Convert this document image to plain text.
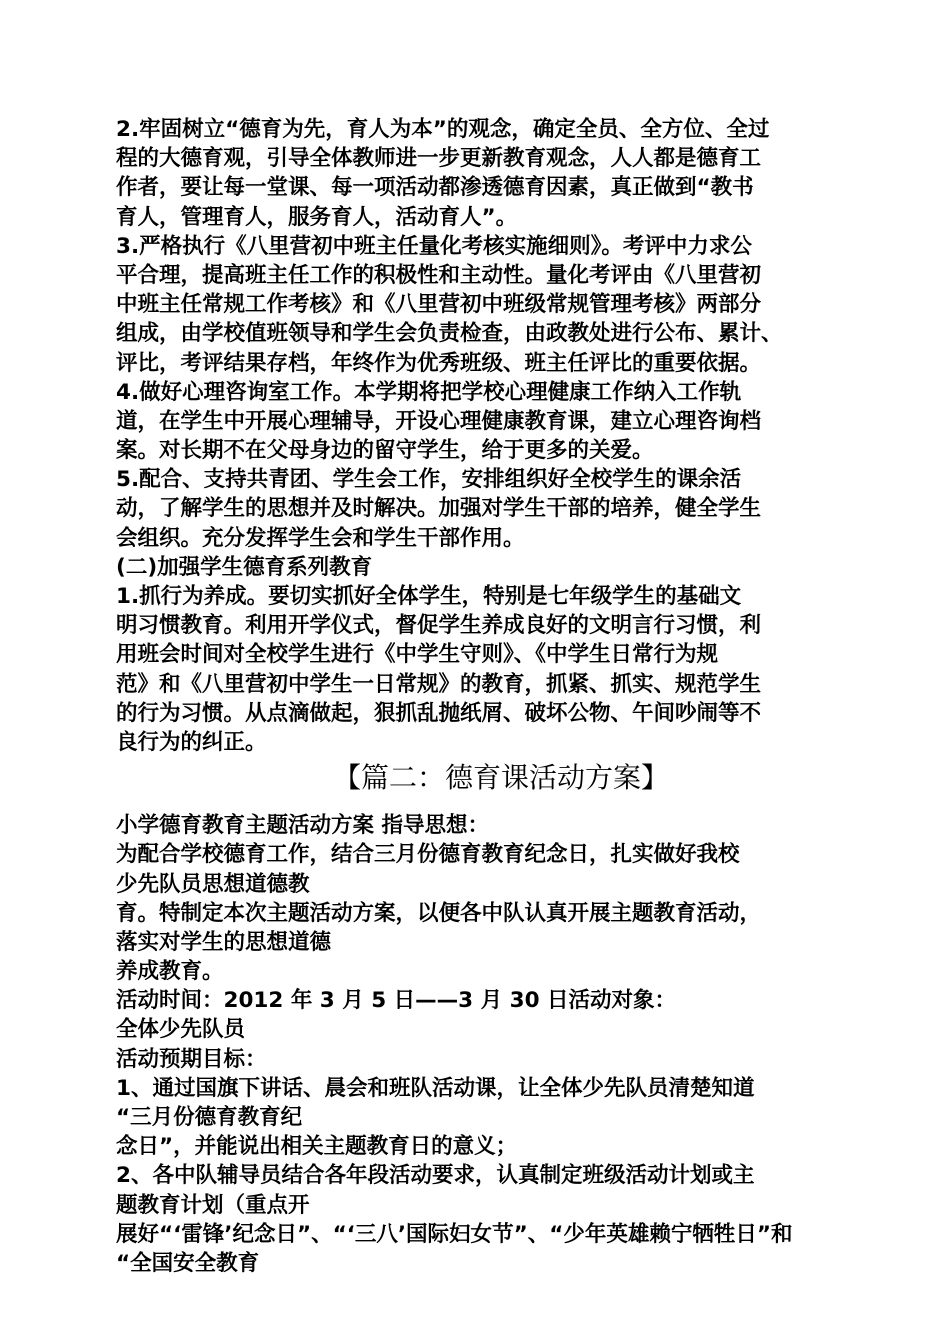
2.牢固树立“德育为先，育人为本”的观念，确定全员、全方位、全过
程的大德育观，引导全体教师进一步更新教育观念，人人都是德育工
作者，要让每一堂课、每一项活动都渗透德育因素，真正做到“教书
育人，管理育人，服务育人，活动育人”。
3.严格执行《八里营初中班主任量化考核实施细则》。考评中力求公
平合理，提高班主任工作的积极性和主动性。量化考评由《八里营初
中班主任常规工作考核》和《八里营初中班级常规管理考核》两部分
组成，由学校值班领导和学生会负责检查，由政教处进行公布、累计、
评比，考评结果存档，年终作为优秀班级、班主任评比的重要依据。
4.做好心理咨询室工作。本学期将把学校心理健康工作纳入工作轨
道，在学生中开展心理辅导，开设心理健康教育课，建立心理咨询档
案。对长期不在父母身边的留守学生，给于更多的关爱。
5.配合、支持共青团、学生会工作，安排组织好全校学生的课余活
动，了解学生的思想并及时解决。加强对学生干部的培养，健全学生
会组织。充分发挥学生会和学生干部作用。
(二)加强学生德育系列教育
1.抓行为养成。要切实抓好全体学生，特别是七年级学生的基础文
明习惯教育。利用开学仪式，督促学生养成良好的文明言行习惯，利
用班会时间对全校学生进行《中学生守则》、《中学生日常行为规
范》和《八里营初中学生一日常规》的教育，抓紧、抓实、规范学生
的行为习惯。从点滴做起，狠抓乱抛纸屑、破坏公物、午间吵闹等不
良行为的纠正。
【篇二：德育课活动方案】
小学德育教育主题活动方案 指导思想：
为配合学校德育工作，结合三月份德育教育纪念日，扎实做好我校
少先队员思想道德教
育。特制定本次主题活动方案，以便各中队认真开展主题教育活动，
落实对学生的思想道德
养成教育。
活动时间：2012 年 3 月 5 日——3 月 30 日活动对象：
全体少先队员
活动预期目标：
1、通过国旗下讲话、晨会和班队活动课，让全体少先队员清楚知道
“三月份德育教育纪
念日”，并能说出相关主题教育日的意义；
2、各中队辅导员结合各年段活动要求，认真制定班级活动计划或主
题教育计划（重点开
展好“‘雷锋’纪念日”、“‘三八’国际妇女节”、“少年英雄赖宁牺牲日”和
“全国安全教育
